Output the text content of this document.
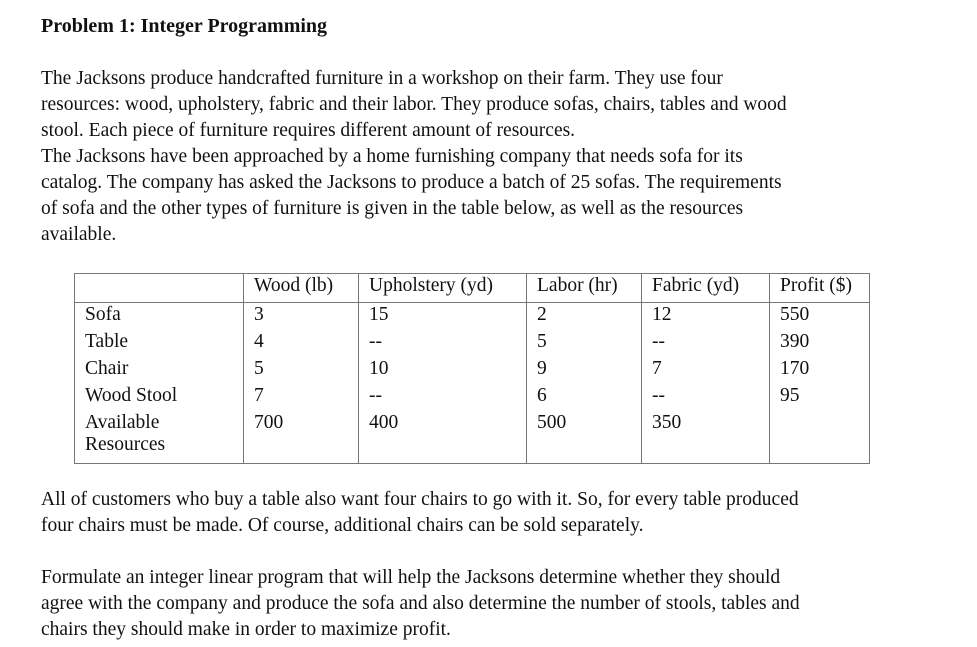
Problem 1: Integer Programming

The Jacksons produce handcrafted furniture in a workshop on their farm. They use four
resources: wood, upholstery, fabric and their labor. They produce sofas, chairs, tables and wood
stool. Each piece of furniture requires different amount of resources.
The Jacksons have been approached by a home furnishing company that needs sofa for its
catalog. The company has asked the Jacksons to produce a batch of 25 sofas. The requirements
of sofa and the other types of furniture is given in the table below, as well as the resources
available.

	Wood (lb)	Upholstery (yd)	Labor (hr)	Fabric (yd)	Profit ($)
Sofa	3	15	2	12	550
Table	4	--	5	--	390
Chair	5	10	9	7	170
Wood Stool	7	--	6	--	95

Available
Resources	700	400	500	350	

All of customers who buy a table also want four chairs to go with it. So, for every table produced
four chairs must be made. Of course, additional chairs can be sold separately.

Formulate an integer linear program that will help the Jacksons determine whether they should
agree with the company and produce the sofa and also determine the number of stools, tables and
chairs they should make in order to maximize profit.
